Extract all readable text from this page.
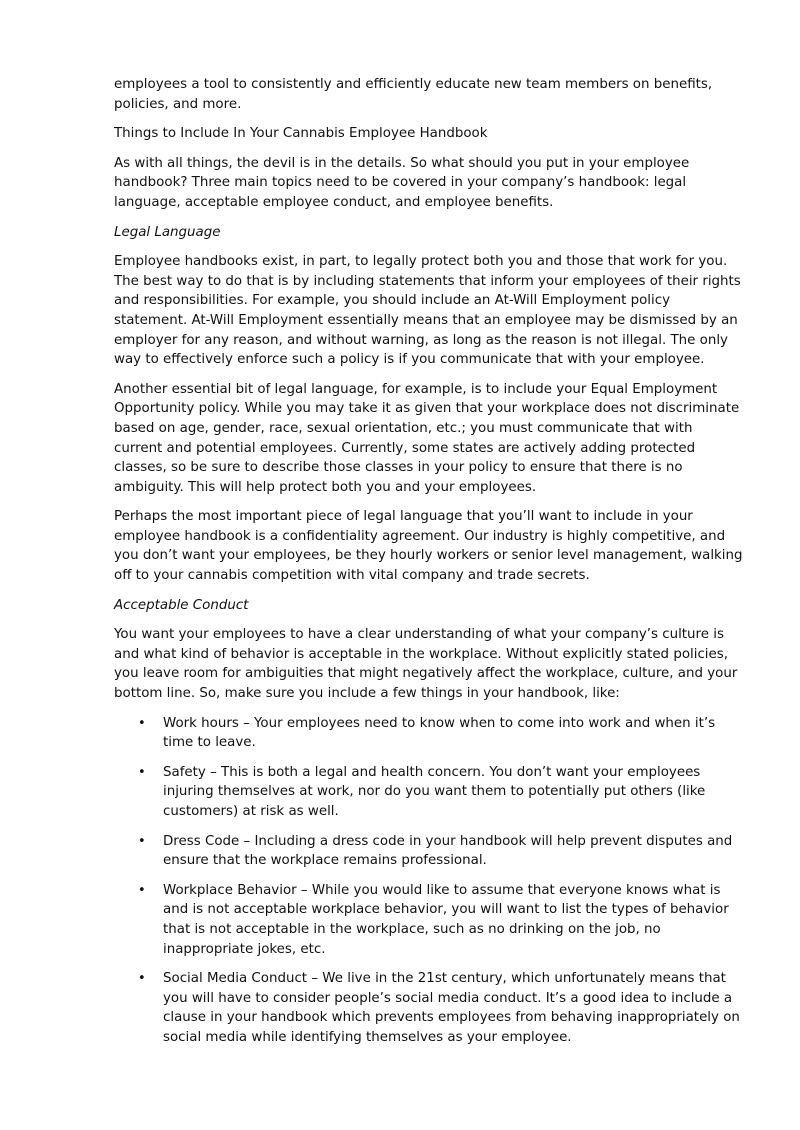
employees a tool to consistently and efficiently educate new team members on benefits, policies, and more.

Things to Include In Your Cannabis Employee Handbook

As with all things, the devil is in the details. So what should you put in your employee handbook? Three main topics need to be covered in your company’s handbook: legal language, acceptable employee conduct, and employee benefits.

Legal Language

Employee handbooks exist, in part, to legally protect both you and those that work for you. The best way to do that is by including statements that inform your employees of their rights and responsibilities. For example, you should include an At-Will Employment policy statement. At-Will Employment essentially means that an employee may be dismissed by an employer for any reason, and without warning, as long as the reason is not illegal. The only way to effectively enforce such a policy is if you communicate that with your employee.

Another essential bit of legal language, for example, is to include your Equal Employment Opportunity policy. While you may take it as given that your workplace does not discriminate based on age, gender, race, sexual orientation, etc.; you must communicate that with current and potential employees. Currently, some states are actively adding protected classes, so be sure to describe those classes in your policy to ensure that there is no ambiguity. This will help protect both you and your employees.

Perhaps the most important piece of legal language that you’ll want to include in your employee handbook is a confidentiality agreement. Our industry is highly competitive, and you don’t want your employees, be they hourly workers or senior level management, walking off to your cannabis competition with vital company and trade secrets.

Acceptable Conduct

You want your employees to have a clear understanding of what your company’s culture is and what kind of behavior is acceptable in the workplace. Without explicitly stated policies, you leave room for ambiguities that might negatively affect the workplace, culture, and your bottom line. So, make sure you include a few things in your handbook, like:

• Work hours – Your employees need to know when to come into work and when it’s time to leave.
• Safety – This is both a legal and health concern. You don’t want your employees injuring themselves at work, nor do you want them to potentially put others (like customers) at risk as well.
• Dress Code – Including a dress code in your handbook will help prevent disputes and ensure that the workplace remains professional.
• Workplace Behavior – While you would like to assume that everyone knows what is and is not acceptable workplace behavior, you will want to list the types of behavior that is not acceptable in the workplace, such as no drinking on the job, no inappropriate jokes, etc.
• Social Media Conduct – We live in the 21st century, which unfortunately means that you will have to consider people’s social media conduct. It’s a good idea to include a clause in your handbook which prevents employees from behaving inappropriately on social media while identifying themselves as your employee.
